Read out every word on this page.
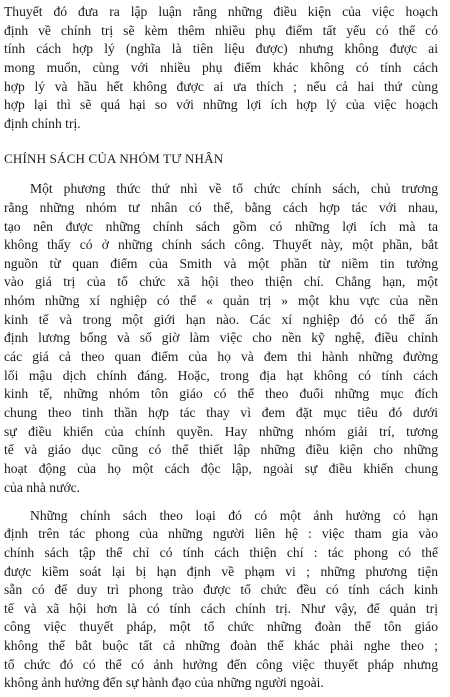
Thuyết đó đưa ra lập luận rằng những điều kiện của việc hoạch
định về chính trị sẽ kèm thêm nhiều phụ điểm tất yếu có thể có
tính cách hợp lý (nghĩa là tiên liệu được) nhưng không được ai
mong muốn, cùng với nhiều phụ điểm khác không có tính cách
hợp lý và hầu hết không được ai ưa thích ; nếu cả hai thứ cùng
hợp lại thì sẽ quá hại so với những lợi ích hợp lý của việc hoạch
định chính trị.
CHÍNH SÁCH CỦA NHÓM TƯ NHÂN
Một phương thức thứ nhì về tổ chức chính sách, chủ trương
rằng những nhóm tư nhân có thể, bằng cách hợp tác với nhau,
tạo nên được những chính sách gồm có những lợi ích mà ta
không thấy có ở những chính sách công. Thuyết này, một phần, bắt
nguồn từ quan điểm của Smith và một phần từ niềm tin tưởng
vào giá trị của tổ chức xã hội theo thiện chí. Chẳng hạn, một
nhóm những xí nghiệp có thể « quản trị » một khu vực của nền
kinh tế và trong một giới hạn nào. Các xí nghiệp đó có thể ấn
định lương bổng và số giờ làm việc cho nền kỹ nghệ, điều chỉnh
các giá cả theo quan điểm của họ và đem thi hành những đường
lối mậu dịch chính đáng. Hoặc, trong địa hạt không có tính cách
kinh tế, những nhóm tôn giáo có thể theo đuổi những mục đích
chung theo tinh thần hợp tác thay vì đem đặt mục tiêu đó dưới
sự điều khiển của chính quyền. Hay những nhóm giải trí, tương
tế và giáo dục cũng có thể thiết lập những điều kiện cho những
hoạt động của họ một cách độc lập, ngoài sự điều khiển chung
của nhà nước.
Những chính sách theo loại đó có một ảnh hưởng có hạn
định trên tác phong của những người liên hệ : việc tham gia vào
chính sách tập thể chỉ có tính cách thiện chí : tác phong có thể
được kiềm soát lại bị hạn định về phạm vi ; những phương tiện
sẵn có để duy trì phong trào được tổ chức đều có tính cách kinh
tế và xã hội hơn là có tính cách chính trị. Như vậy, để quản trị
công việc thuyết pháp, một tổ chức những đoàn thể tôn giáo
không thể bắt buộc tất cả những đoàn thể khác phải nghe theo ;
tổ chức đó có thể có ảnh hưởng đến công việc thuyết pháp nhưng
không ảnh hưởng đến sự hành đạo của những người ngoài.
